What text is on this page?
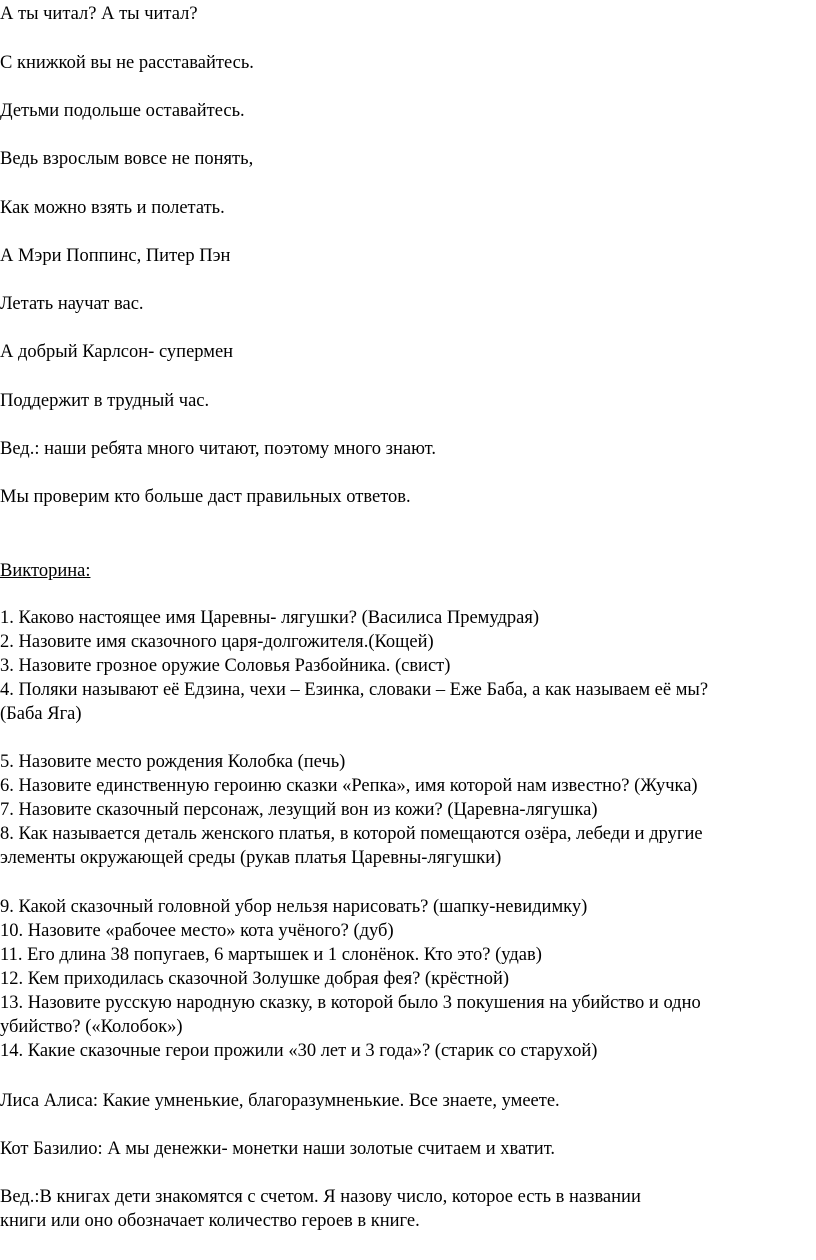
А ты читал? А ты читал?

С книжкой вы не расставайтесь.

Детьми подольше оставайтесь.

Ведь взрослым вовсе не понять,

Как можно взять и полетать.

А Мэри Поппинс, Питер Пэн

Летать научат вас.

А добрый Карлсон- супермен

Поддержит в трудный час.

Вед.: наши ребята много читают, поэтому много знают.

Мы проверим кто больше даст правильных ответов.

Викторина:

1. Каково настоящее имя Царевны- лягушки? (Василиса Премудрая)

2. Назовите имя сказочного царя-долгожителя.(Кощей)

3. Назовите грозное оружие Соловья Разбойника. (свист)

4. Поляки называют её Едзина, чехи – Езинка, словаки – Еже Баба, а как называем её мы?

(Баба Яга)

5. Назовите место рождения Колобка (печь)

6. Назовите единственную героиню сказки «Репка», имя которой нам известно? (Жучка)

7. Назовите сказочный персонаж, лезущий вон из кожи? (Царевна-лягушка)

8. Как называется деталь женского платья, в которой помещаются озёра, лебеди и другие

элементы окружающей среды (рукав платья Царевны-лягушки)

9. Какой сказочный головной убор нельзя нарисовать? (шапку-невидимку)

10. Назовите «рабочее место» кота учёного? (дуб)

11. Его длина 38 попугаев, 6 мартышек и 1 слонёнок. Кто это? (удав)

12. Кем приходилась сказочной Золушке добрая фея? (крёстной)

13. Назовите русскую народную сказку, в которой было 3 покушения на убийство и одно

убийство? («Колобок»)

14. Какие сказочные герои прожили «30 лет и 3 года»? (старик со старухой)

Лиса Алиса: Какие умненькие, благоразумненькие. Все знаете, умеете.

Кот Базилио: А мы денежки- монетки наши золотые считаем и хватит.

Вед.:В книгах дети знакомятся с счетом. Я назову число, которое есть в названии

книги или оно обозначает количество героев в книге.
